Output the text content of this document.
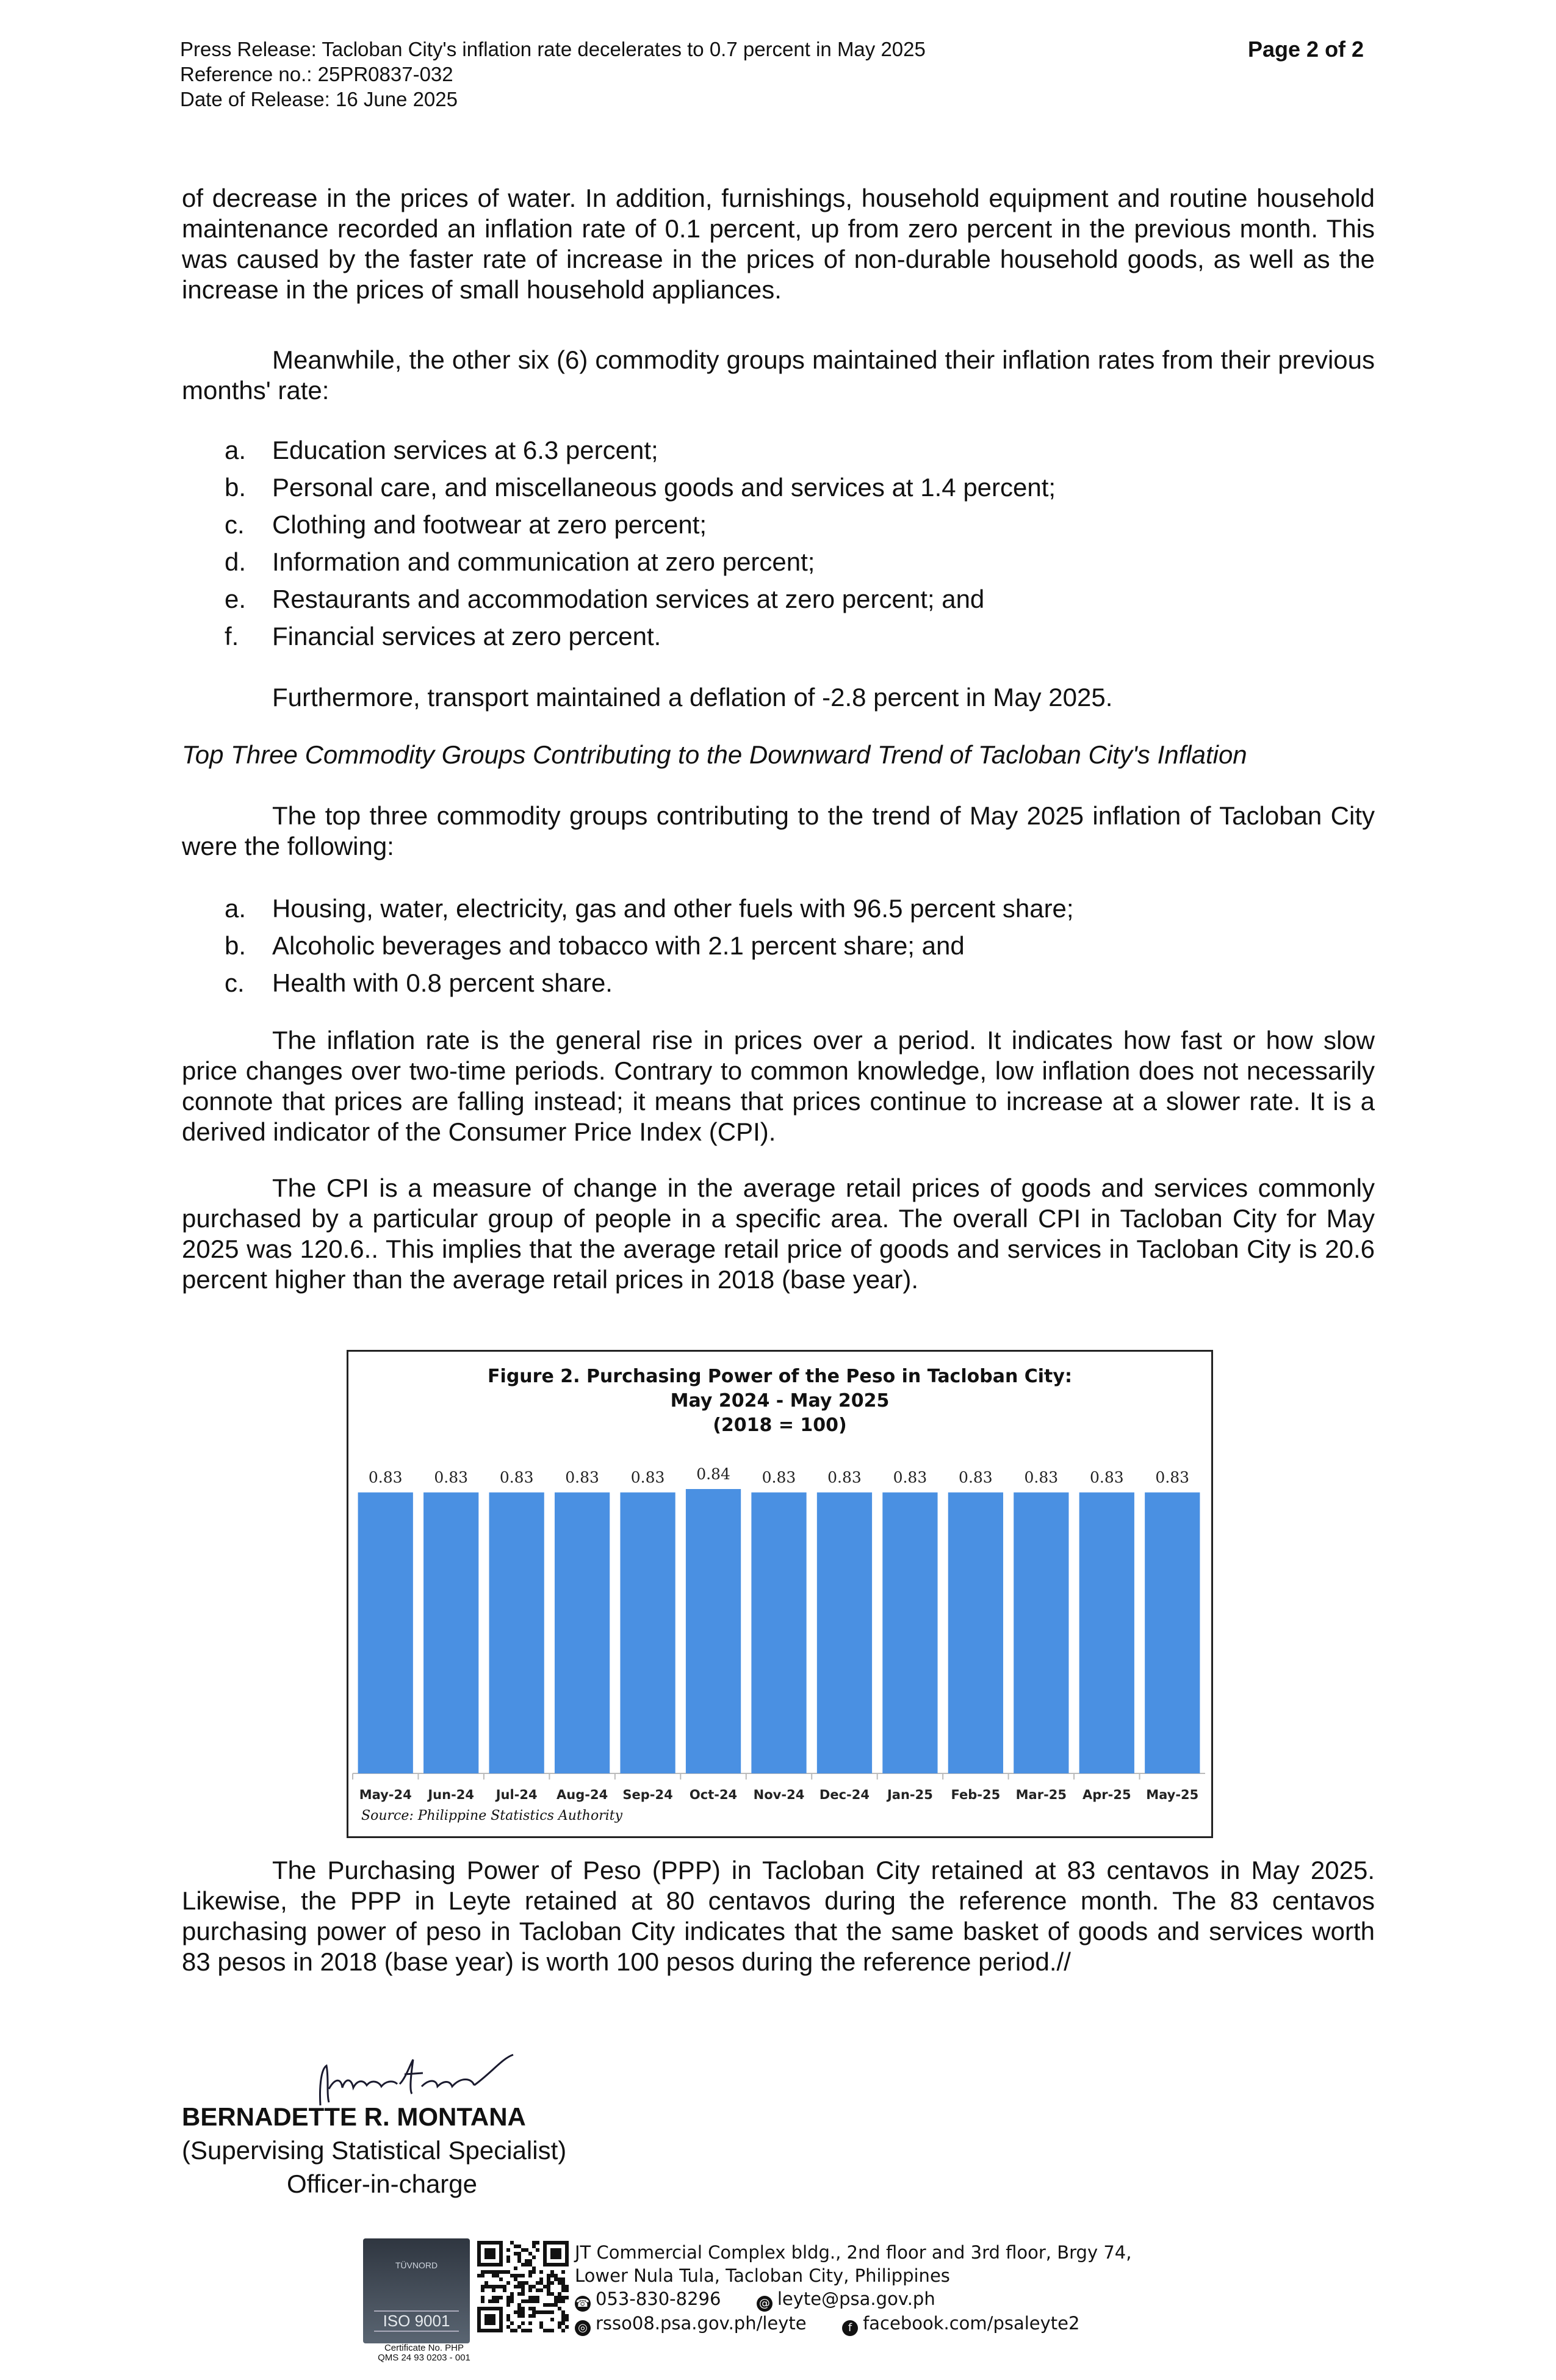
Press Release: Tacloban City's inflation rate decelerates to 0.7 percent in May 2025
Reference no.: 25PR0837-032
Date of Release: 16 June 2025
Page 2 of 2

of decrease in the prices of water. In addition, furnishings, household equipment and routine household maintenance recorded an inflation rate of 0.1 percent, up from zero percent in the previous month. This was caused by the faster rate of increase in the prices of non-durable household goods, as well as the increase in the prices of small household appliances.

Meanwhile, the other six (6) commodity groups maintained their inflation rates from their previous months' rate:

a.	Education services at 6.3 percent;
b.	Personal care, and miscellaneous goods and services at 1.4 percent;
c.	Clothing and footwear at zero percent;
d.	Information and communication at zero percent;
e.	Restaurants and accommodation services at zero percent; and
f.	Financial services at zero percent.

Furthermore, transport maintained a deflation of -2.8 percent in May 2025.

Top Three Commodity Groups Contributing to the Downward Trend of Tacloban City's Inflation

The top three commodity groups contributing to the trend of May 2025 inflation of Tacloban City were the following:

a.	Housing, water, electricity, gas and other fuels with 96.5 percent share;
b.	Alcoholic beverages and tobacco with 2.1 percent share; and
c.	Health with 0.8 percent share.

The inflation rate is the general rise in prices over a period. It indicates how fast or how slow price changes over two-time periods. Contrary to common knowledge, low inflation does not necessarily connote that prices are falling instead; it means that prices continue to increase at a slower rate. It is a derived indicator of the Consumer Price Index (CPI).

The CPI is a measure of change in the average retail prices of goods and services commonly purchased by a particular group of people in a specific area. The overall CPI in Tacloban City for May 2025 was 120.6.. This implies that the average retail price of goods and services in Tacloban City is 20.6 percent higher than the average retail prices in 2018 (base year).

Figure 2. Purchasing Power of the Peso in Tacloban City:
May 2024 - May 2025
(2018 = 100)
0.83
May-24
0.83
Jun-24
0.83
Jul-24
0.83
Aug-24
0.83
Sep-24
0.84
Oct-24
0.83
Nov-24
0.83
Dec-24
0.83
Jan-25
0.83
Feb-25
0.83
Mar-25
0.83
Apr-25
0.83
May-25
Source: Philippine Statistics Authority

The Purchasing Power of Peso (PPP) in Tacloban City retained at 83 centavos in May 2025. Likewise, the PPP in Leyte retained at 80 centavos during the reference month. The 83 centavos purchasing power of peso in Tacloban City indicates that the same basket of goods and services worth 83 pesos in 2018 (base year) is worth 100 pesos during the reference period.//

BERNADETTE R. MONTANA
(Supervising Statistical Specialist)
Officer-in-charge
TÜVNORD
ISO 9001
Certificate No. PHP
QMS 24 93 0203 - 001
JT Commercial Complex bldg., 2nd floor and 3rd floor, Brgy 74,
Lower Nula Tula, Tacloban City, Philippines
☎ 053-830-8296	@ leyte@psa.gov.ph
◎ rsso08.psa.gov.ph/leyte	f facebook.com/psaleyte2
